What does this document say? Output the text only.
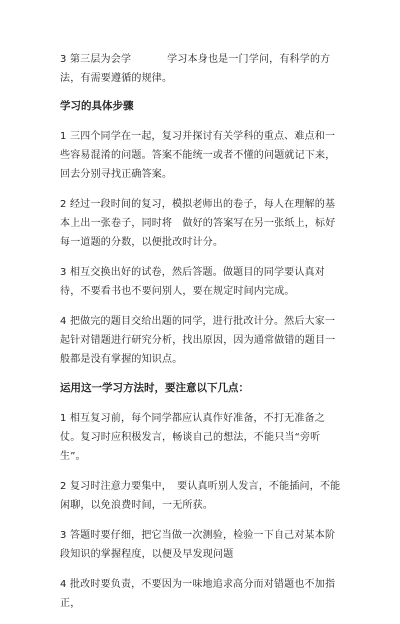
3 第三层为会学	学习本身也是一门学问，有科学的方法，有需要遵循的规律。

学习的具体步骤

1 三四个同学在一起，复习并探讨有关学科的重点、难点和一些容易混淆的问题。答案不能统一或者不懂的问题就记下来，回去分别寻找正确答案。

2 经过一段时间的复习，模拟老师出的卷子，每人在理解的基本上出一张卷子，同时将　做好的答案写在另一张纸上，标好每一道题的分数，以便批改时计分。

3 相互交换出好的试卷，然后答题。做题目的同学要认真对待，不要看书也不要问别人，要在规定时间内完成。

4 把做完的题目交给出题的同学，进行批改计分。然后大家一起针对错题进行研究分析，找出原因，因为通常做错的题目一般都是没有掌握的知识点。

运用这一学习方法时，要注意以下几点：

1 相互复习前，每个同学都应认真作好准备，不打无准备之仗。复习时应积极发言，畅谈自己的想法，不能只当“旁听生”。

2 复习时注意力要集中，　要认真听别人发言，不能插问，不能闲聊，以免浪费时间，一无所获。

3 答题时要仔细，把它当做一次测验，检验一下自己对某本阶段知识的掌握程度，以便及早发现问题

4 批改时要负责，不要因为一味地追求高分而对错题也不加指正，
